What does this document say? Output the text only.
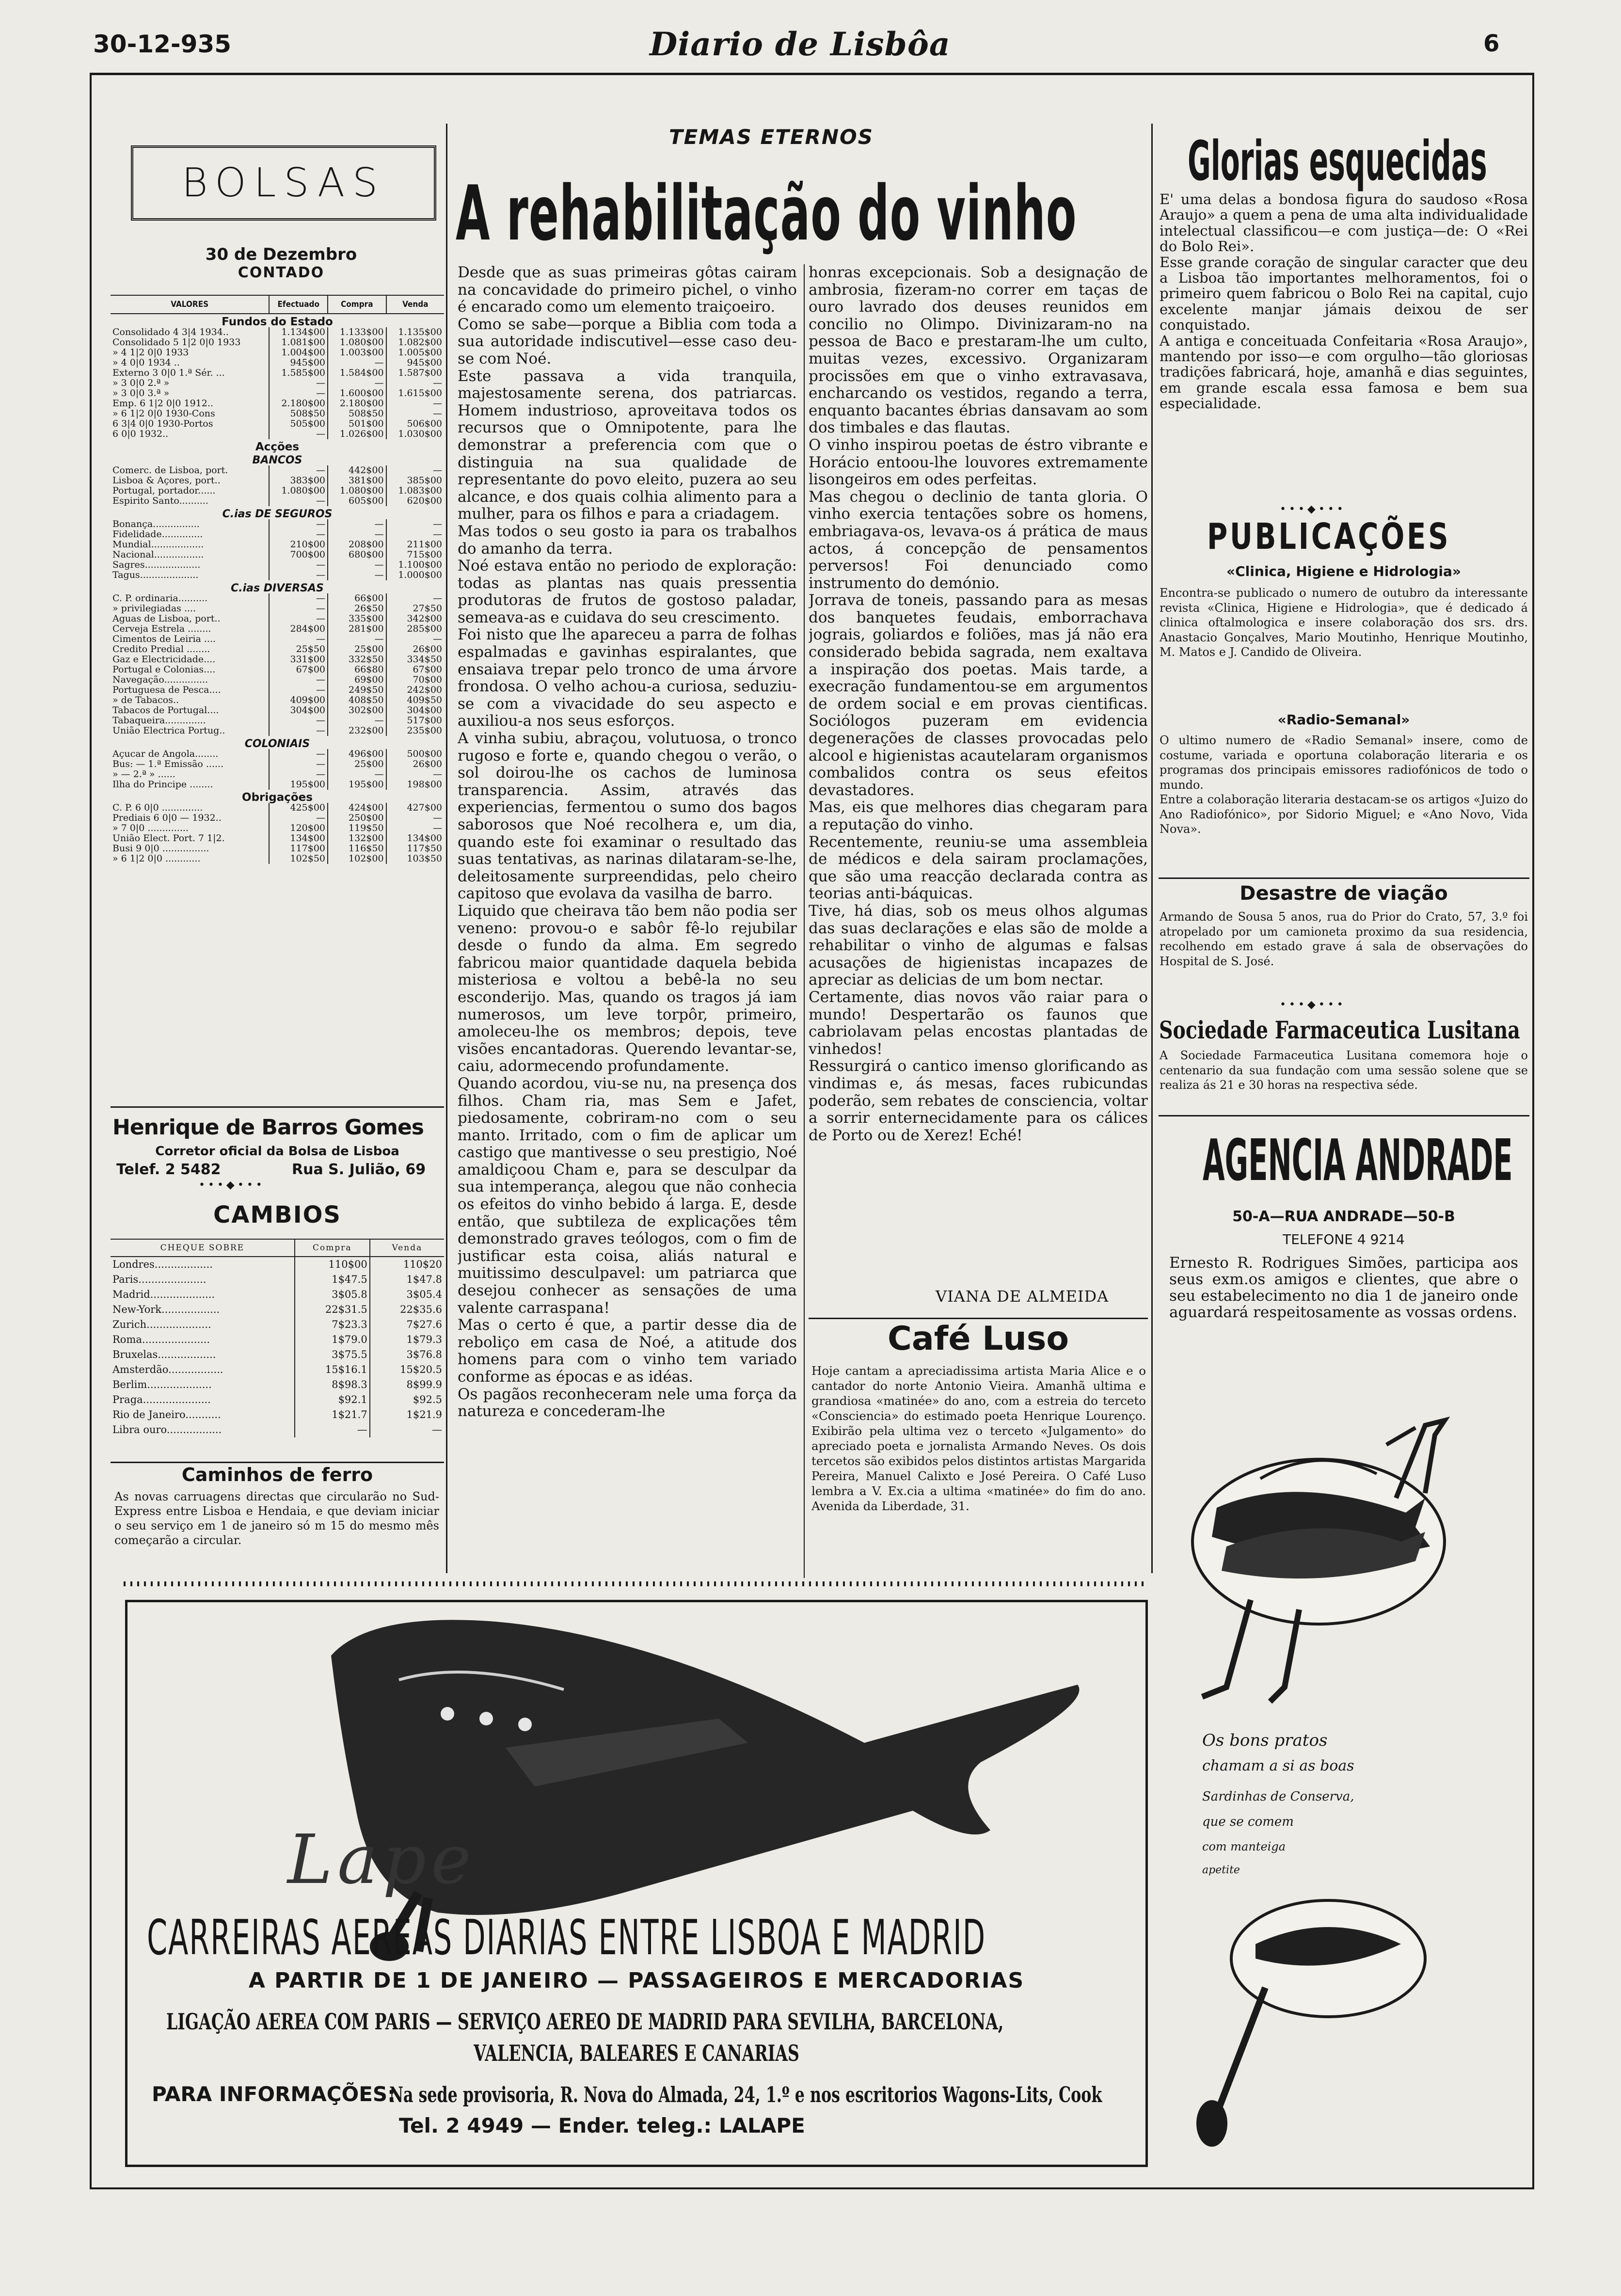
30-12-935	Diario de Lisbôa	6
BOLSAS
30 de Dezembro
CONTADO
VALORES	Efectuado	Compra	Venda
Fundos do Estado			
Consolidado 4 3|4 1934..	1.134$00	1.133$00	1.135$00
Consolidado 5 1|2 0|0 1933	1.081$00	1.080$00	1.082$00
» 4 1|2 0|0 1933	1.004$00	1.003$00	1.005$00
» 4 0|0 1934 ..	945$00	—	945$00
Externo 3 0|0 1.ª Sér. ...	1.585$00	1.584$00	1.587$00
» 3 0|0 2.ª »	—	—	—
» 3 0|0 3.ª »	—	1.600$00	1.615$00
Emp. 6 1|2 0|0 1912..	2.180$00	2.180$00	—
» 6 1|2 0|0 1930-Cons	508$50	508$50	—
6 3|4 0|0 1930-Portos	505$00	501$00	506$00
6 0|0 1932..	—	1.026$00	1.030$00
Acções			
BANCOS			
Comerc. de Lisboa, port.	—	442$00	—
Lisboa & Açores, port..	383$00	381$00	385$00
Portugal, portador......	1.080$00	1.080$00	1.083$00
Espirito Santo..........	—	605$00	620$00
C.ias DE SEGUROS			
Bonança................	—	—	—
Fidelidade..............	—	—	—
Mundial..................	210$00	208$00	211$00
Nacional.................	700$00	680$00	715$00
Sagres...................	—	—	1.100$00
Tagus....................	—	—	1.000$00
C.ias DIVERSAS			
C. P. ordinaria..........	—	66$00	—
» privilegiadas ....	—	26$50	27$50
Aguas de Lisboa, port..	—	335$00	342$00
Cerveja Estrela ........	284$00	281$00	285$00
Cimentos de Leiria ....	—	—	—
Credito Predial ........	25$50	25$00	26$00
Gaz e Electricidade....	331$00	332$50	334$50
Portugal e Colonias....	67$00	66$80	67$00
Navegação...............	—	69$00	70$00
Portuguesa de Pesca....	—	249$50	242$00
» de Tabacos..	409$00	408$50	409$50
Tabacos de Portugal....	304$00	302$00	304$00
Tabaqueira..............	—	—	517$00
União Electrica Portug..	—	232$00	235$00
COLONIAIS			
Açucar de Angola........	—	496$00	500$00
Bus: — 1.ª Emissão ......	—	25$00	26$00
» — 2.ª » ......	—	—	—
Ilha do Principe ........	195$00	195$00	198$00
Obrigações			
C. P. 6 0|0 ..............	425$00	424$00	427$00
Prediais 6 0|0 — 1932..	—	250$00	—
» 7 0|0 ..............	120$00	119$50	—
União Elect. Port. 7 1|2.	134$00	132$00	134$00
Busi 9 0|0 ................	117$00	116$50	117$50
» 6 1|2 0|0 ............	102$50	102$00	103$50
Henrique de Barros Gomes
Corretor oficial da Bolsa de Lisboa
Telef. 2 5482	Rua S. Julião, 69
•••◆•••
CAMBIOS
CHEQUE SOBRE	Compra	Venda
Londres..................	110$00	110$20
Paris.....................	1$47.5	1$47.8
Madrid....................	3$05.8	3$05.4
New-York..................	22$31.5	22$35.6
Zurich....................	7$23.3	7$27.6
Roma.....................	1$79.0	1$79.3
Bruxelas..................	3$75.5	3$76.8
Amsterdão.................	15$16.1	15$20.5
Berlim....................	8$98.3	8$99.9
Praga.....................	$92.1	$92.5
Rio de Janeiro...........	1$21.7	1$21.9
Libra ouro.................	—	—
Caminhos de ferro
As novas carruagens directas que circularão no Sud-Express entre Lisboa e Hendaia, e que deviam iniciar o seu serviço em 1 de janeiro só m 15 do mesmo mês começarão a circular.
TEMAS ETERNOS
A rehabilitação do vinho
Desde que as suas primeiras gôtas cairam na concavidade do primeiro pichel, o vinho é encarado como um elemento traiçoeiro.
Como se sabe—porque a Biblia com toda a sua autoridade indiscutivel—esse caso deu-se com Noé.
Este passava a vida tranquila, majestosamente serena, dos patriarcas. Homem industrioso, aproveitava todos os recursos que o Omnipotente, para lhe demonstrar a preferencia com que o distinguia na sua qualidade de representante do povo eleito, puzera ao seu alcance, e dos quais colhia alimento para a mulher, para os filhos e para a criadagem.
Mas todos o seu gosto ia para os trabalhos do amanho da terra.
Noé estava então no periodo de exploração: todas as plantas nas quais pressentia produtoras de frutos de gostoso paladar, semeava-as e cuidava do seu crescimento.
Foi nisto que lhe apareceu a parra de folhas espalmadas e gavinhas espiralantes, que ensaiava trepar pelo tronco de uma árvore frondosa. O velho achou-a curiosa, seduziu-se com a vivacidade do seu aspecto e auxiliou-a nos seus esforços.
A vinha subiu, abraçou, volutuosa, o tronco rugoso e forte e, quando chegou o verão, o sol doirou-lhe os cachos de luminosa transparencia. Assim, através das experiencias, fermentou o sumo dos bagos saborosos que Noé recolhera e, um dia, quando este foi examinar o resultado das suas tentativas, as narinas dilataram-se-lhe, deleitosamente surpreendidas, pelo cheiro capitoso que evolava da vasilha de barro.
Liquido que cheirava tão bem não podia ser veneno: provou-o e sabôr fê-lo rejubilar desde o fundo da alma. Em segredo fabricou maior quantidade daquela bebida misteriosa e voltou a bebê-la no seu esconderijo. Mas, quando os tragos já iam numerosos, um leve torpôr, primeiro, amoleceu-lhe os membros; depois, teve visões encantadoras. Querendo levantar-se, caiu, adormecendo profundamente.
Quando acordou, viu-se nu, na presença dos filhos. Cham ria, mas Sem e Jafet, piedosamente, cobriram-no com o seu manto. Irritado, com o fim de aplicar um castigo que mantivesse o seu prestigio, Noé amaldiçoou Cham e, para se desculpar da sua intemperança, alegou que não conhecia os efeitos do vinho bebido á larga. E, desde então, que subtileza de explicações têm demonstrado graves teólogos, com o fim de justificar esta coisa, aliás natural e muitissimo desculpavel: um patriarca que desejou conhecer as sensações de uma valente carraspana!
Mas o certo é que, a partir desse dia de reboliço em casa de Noé, a atitude dos homens para com o vinho tem variado conforme as épocas e as idéas.
Os pagãos reconheceram nele uma força da natureza e concederam-lhe
honras excepcionais. Sob a designação de ambrosia, fizeram-no correr em taças de ouro lavrado dos deuses reunidos em concilio no Olimpo. Divinizaram-no na pessoa de Baco e prestaram-lhe um culto, muitas vezes, excessivo. Organizaram procissões em que o vinho extravasava, encharcando os vestidos, regando a terra, enquanto bacantes ébrias dansavam ao som dos timbales e das flautas.
O vinho inspirou poetas de éstro vibrante e Horácio entoou-lhe louvores extremamente lisongeiros em odes perfeitas.
Mas chegou o declinio de tanta gloria. O vinho exercia tentações sobre os homens, embriagava-os, levava-os á prática de maus actos, á concepção de pensamentos perversos! Foi denunciado como instrumento do demónio.
Jorrava de toneis, passando para as mesas dos banquetes feudais, emborrachava jograis, goliardos e foliões, mas já não era considerado bebida sagrada, nem exaltava a inspiração dos poetas. Mais tarde, a execração fundamentou-se em argumentos de ordem social e em provas cientificas. Sociólogos puzeram em evidencia degenerações de classes provocadas pelo alcool e higienistas acautelaram organismos combalidos contra os seus efeitos devastadores.
Mas, eis que melhores dias chegaram para a reputação do vinho.
Recentemente, reuniu-se uma assembleia de médicos e dela sairam proclamações, que são uma reacção declarada contra as teorias anti-báquicas.
Tive, há dias, sob os meus olhos algumas das suas declarações e elas são de molde a rehabilitar o vinho de algumas e falsas acusações de higienistas incapazes de apreciar as delicias de um bom nectar.
Certamente, dias novos vão raiar para o mundo! Despertarão os faunos que cabriolavam pelas encostas plantadas de vinhedos!
Ressurgirá o cantico imenso glorificando as vindimas e, ás mesas, faces rubicundas poderão, sem rebates de consciencia, voltar a sorrir enternecidamente para os cálices de Porto ou de Xerez! Eché!
VIANA DE ALMEIDA
Café Luso
Hoje cantam a apreciadissima artista Maria Alice e o cantador do norte Antonio Vieira. Amanhã ultima e grandiosa «matinée» do ano, com a estreia do terceto «Consciencia» do estimado poeta Henrique Lourenço. Exibirão pela ultima vez o terceto «Julgamento» do apreciado poeta e jornalista Armando Neves. Os dois tercetos são exibidos pelos distintos artistas Margarida Pereira, Manuel Calixto e José Pereira. O Café Luso lembra a V. Ex.cia a ultima «matinée» do fim do ano. Avenida da Liberdade, 31.
Glorias esquecidas
E' uma delas a bondosa figura do saudoso «Rosa Araujo» a quem a pena de uma alta individualidade intelectual classificou—e com justiça—de: O «Rei do Bolo Rei».
Esse grande coração de singular caracter que deu a Lisboa tão importantes melhoramentos, foi o primeiro quem fabricou o Bolo Rei na capital, cujo excelente manjar jámais deixou de ser conquistado.
A antiga e conceituada Confeitaria «Rosa Araujo», mantendo por isso—e com orgulho—tão gloriosas tradições fabricará, hoje, amanhã e dias seguintes, em grande escala essa famosa e bem sua especialidade.
•••◆•••
PUBLICAÇÕES
«Clinica, Higiene e Hidrologia»
Encontra-se publicado o numero de outubro da interessante revista «Clinica, Higiene e Hidrologia», que é dedicado á clinica oftalmologica e insere colaboração dos srs. drs. Anastacio Gonçalves, Mario Moutinho, Henrique Moutinho, M. Matos e J. Candido de Oliveira.
«Radio-Semanal»
O ultimo numero de «Radio Semanal» insere, como de costume, variada e oportuna colaboração literaria e os programas dos principais emissores radiofónicos de todo o mundo.
Entre a colaboração literaria destacam-se os artigos «Juizo do Ano Radiofónico», por Sidorio Miguel; e «Ano Novo, Vida Nova».
Desastre de viação
Armando de Sousa 5 anos, rua do Prior do Crato, 57, 3.º foi atropelado por um camioneta proximo da sua residencia, recolhendo em estado grave á sala de observações do Hospital de S. José.
•••◆•••
Sociedade Farmaceutica Lusitana
A Sociedade Farmaceutica Lusitana comemora hoje o centenario da sua fundação com uma sessão solene que se realiza ás 21 e 30 horas na respectiva séde.
AGENCIA ANDRADE
50-A—RUA ANDRADE—50-B
TELEFONE 4 9214
Ernesto R. Rodrigues Simões, participa aos seus exm.os amigos e clientes, que abre o seu estabelecimento no dia 1 de janeiro onde aguardará respeitosamente as vossas ordens.
Os bons pratos
chamam a si as boas
Sardinhas de Conserva, que se comem
com manteiga
apetite
Lape
CARREIRAS AEREAS DIARIAS ENTRE LISBOA E MADRID
A PARTIR DE 1 DE JANEIRO — PASSAGEIROS E MERCADORIAS
LIGAÇÃO AEREA COM PARIS — SERVIÇO AEREO DE MADRID PARA SEVILHA, BARCELONA,
VALENCIA, BALEARES E CANARIAS
PARA INFORMAÇÕES:
Na sede provisoria, R. Nova do Almada, 24, 1.º e nos escritorios Wagons-Lits, Cook
Tel. 2 4949 — Ender. teleg.: LALAPE
